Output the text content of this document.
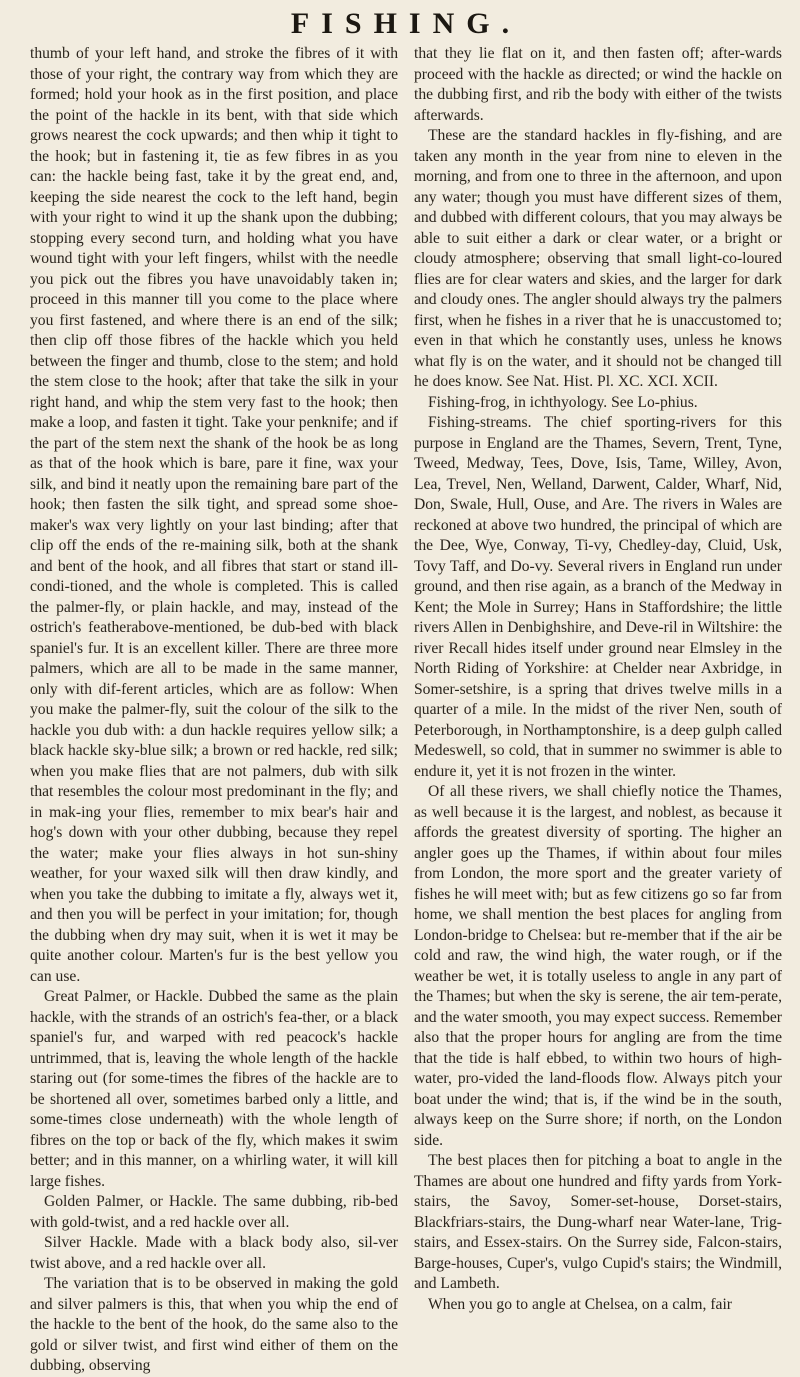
FISHING.

thumb of your left hand, and stroke the fibres of it with those of your right, the contrary way from which they are formed; hold your hook as in the first position, and place the point of the hackle in its bent, with that side which grows nearest the cock upwards; and then whip it tight to the hook; but in fastening it, tie as few fibres in as you can: the hackle being fast, take it by the great end, and, keeping the side nearest the cock to the left hand, begin with your right to wind it up the shank upon the dubbing; stopping every second turn, and holding what you have wound tight with your left fingers, whilst with the needle you pick out the fibres you have unavoidably taken in; proceed in this manner till you come to the place where you first fastened, and where there is an end of the silk; then clip off those fibres of the hackle which you held between the finger and thumb, close to the stem; and hold the stem close to the hook; after that take the silk in your right hand, and whip the stem very fast to the hook; then make a loop, and fasten it tight. Take your penknife; and if the part of the stem next the shank of the hook be as long as that of the hook which is bare, pare it fine, wax your silk, and bind it neatly upon the remaining bare part of the hook; then fasten the silk tight, and spread some shoe-maker's wax very lightly on your last binding; after that clip off the ends of the re-maining silk, both at the shank and bent of the hook, and all fibres that start or stand ill-condi-tioned, and the whole is completed. This is called the palmer-fly, or plain hackle, and may, instead of the ostrich's featherabove-mentioned, be dub-bed with black spaniel's fur. It is an excellent killer. There are three more palmers, which are all to be made in the same manner, only with dif-ferent articles, which are as follow: When you make the palmer-fly, suit the colour of the silk to the hackle you dub with: a dun hackle requires yellow silk; a black hackle sky-blue silk; a brown or red hackle, red silk; when you make flies that are not palmers, dub with silk that resembles the colour most predominant in the fly; and in mak-ing your flies, remember to mix bear's hair and hog's down with your other dubbing, because they repel the water; make your flies always in hot sun-shiny weather, for your waxed silk will then draw kindly, and when you take the dubbing to imitate a fly, always wet it, and then you will be perfect in your imitation; for, though the dubbing when dry may suit, when it is wet it may be quite another colour. Marten's fur is the best yellow you can use.

Great Palmer, or Hackle. Dubbed the same as the plain hackle, with the strands of an ostrich's fea-ther, or a black spaniel's fur, and warped with red peacock's hackle untrimmed, that is, leaving the whole length of the hackle staring out (for some-times the fibres of the hackle are to be shortened all over, sometimes barbed only a little, and some-times close underneath) with the whole length of fibres on the top or back of the fly, which makes it swim better; and in this manner, on a whirling water, it will kill large fishes.

Golden Palmer, or Hackle. The same dubbing, rib-bed with gold-twist, and a red hackle over all.

Silver Hackle. Made with a black body also, sil-ver twist above, and a red hackle over all.

The variation that is to be observed in making the gold and silver palmers is this, that when you whip the end of the hackle to the bent of the hook, do the same also to the gold or silver twist, and first wind either of them on the dubbing, observing

that they lie flat on it, and then fasten off; after-wards proceed with the hackle as directed; or wind the hackle on the dubbing first, and rib the body with either of the twists afterwards.

These are the standard hackles in fly-fishing, and are taken any month in the year from nine to eleven in the morning, and from one to three in the afternoon, and upon any water; though you must have different sizes of them, and dubbed with different colours, that you may always be able to suit either a dark or clear water, or a bright or cloudy atmosphere; observing that small light-co-loured flies are for clear waters and skies, and the larger for dark and cloudy ones. The angler should always try the palmers first, when he fishes in a river that he is unaccustomed to; even in that which he constantly uses, unless he knows what fly is on the water, and it should not be changed till he does know. See Nat. Hist. Pl. XC. XCI. XCII.

Fishing-frog, in ichthyology. See Lo-phius.

Fishing-streams. The chief sporting-rivers for this purpose in England are the Thames, Severn, Trent, Tyne, Tweed, Medway, Tees, Dove, Isis, Tame, Willey, Avon, Lea, Trevel, Nen, Welland, Darwent, Calder, Wharf, Nid, Don, Swale, Hull, Ouse, and Are. The rivers in Wales are reckoned at above two hundred, the principal of which are the Dee, Wye, Conway, Ti-vy, Chedley-day, Cluid, Usk, Tovy Taff, and Do-vy. Several rivers in England run under ground, and then rise again, as a branch of the Medway in Kent; the Mole in Surrey; Hans in Staffordshire; the little rivers Allen in Denbighshire, and Deve-ril in Wiltshire: the river Recall hides itself under ground near Elmsley in the North Riding of Yorkshire: at Chelder near Axbridge, in Somer-setshire, is a spring that drives twelve mills in a quarter of a mile. In the midst of the river Nen, south of Peterborough, in Northamptonshire, is a deep gulph called Medeswell, so cold, that in summer no swimmer is able to endure it, yet it is not frozen in the winter.

Of all these rivers, we shall chiefly notice the Thames, as well because it is the largest, and noblest, as because it affords the greatest diversity of sporting. The higher an angler goes up the Thames, if within about four miles from London, the more sport and the greater variety of fishes he will meet with; but as few citizens go so far from home, we shall mention the best places for angling from London-bridge to Chelsea: but re-member that if the air be cold and raw, the wind high, the water rough, or if the weather be wet, it is totally useless to angle in any part of the Thames; but when the sky is serene, the air tem-perate, and the water smooth, you may expect success. Remember also that the proper hours for angling are from the time that the tide is half ebbed, to within two hours of high-water, pro-vided the land-floods flow. Always pitch your boat under the wind; that is, if the wind be in the south, always keep on the Surre shore; if north, on the London side.

The best places then for pitching a boat to angle in the Thames are about one hundred and fifty yards from York-stairs, the Savoy, Somer-set-house, Dorset-stairs, Blackfriars-stairs, the Dung-wharf near Water-lane, Trig-stairs, and Essex-stairs. On the Surrey side, Falcon-stairs, Barge-houses, Cuper's, vulgo Cupid's stairs; the Windmill, and Lambeth.

When you go to angle at Chelsea, on a calm, fair
